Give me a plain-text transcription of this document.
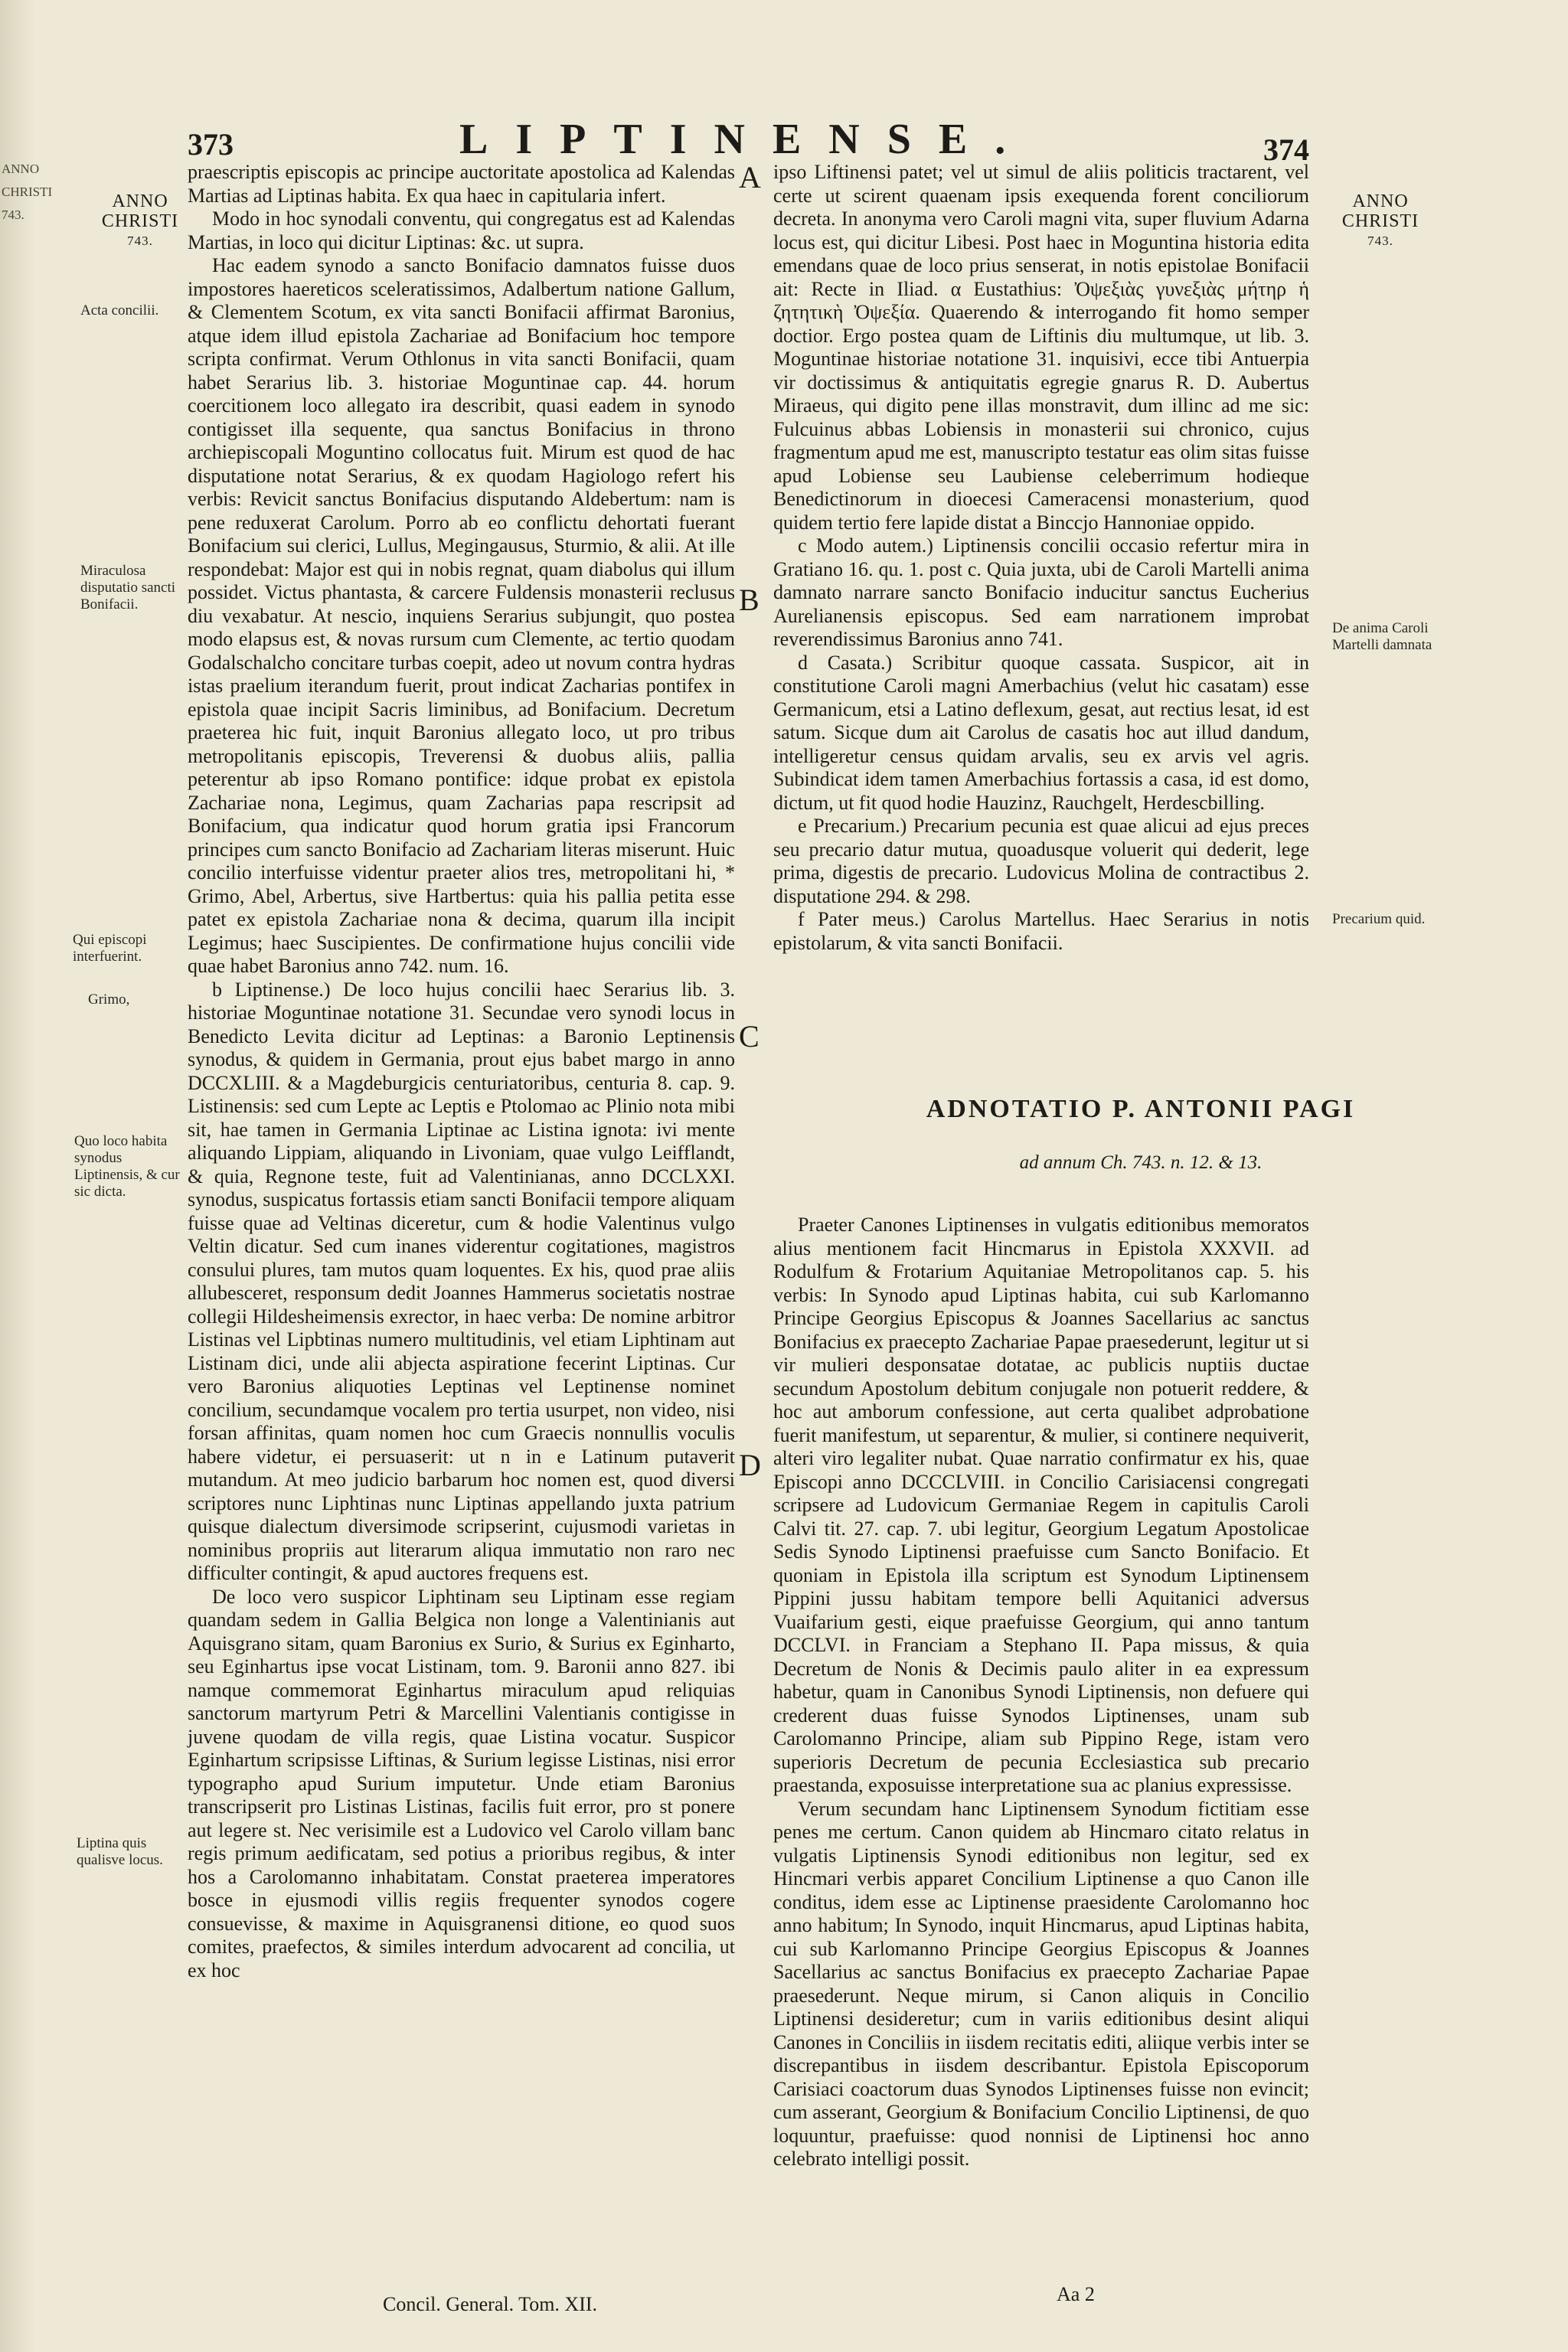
ANNO
CHRISTI
743.
373	LIPTINENSE.	374
ANNO
CHRISTI
743.
ANNO
CHRISTI
743.
Acta concilii.
Miraculosa disputatio sancti Bonifacii.
Qui episcopi interfuerint.
Grimo,
Quo loco habita synodus Liptinensis, & cur sic dicta.
Liptina quis qualisve locus.
De anima Caroli Martelli damnata
Precarium quid.
A
B
C
D

praescriptis episcopis ac principe auctoritate apostolica ad Kalendas Martias ad Liptinas habita. Ex qua haec in capitularia infert.

Modo in hoc synodali conventu, qui congregatus est ad Kalendas Martias, in loco qui dicitur Liptinas: &c. ut supra.

Hac eadem synodo a sancto Bonifacio damnatos fuisse duos impostores haereticos sceleratissimos, Adalbertum natione Gallum, & Clementem Scotum, ex vita sancti Bonifacii affirmat Baronius, atque idem illud epistola Zachariae ad Bonifacium hoc tempore scripta confirmat. Verum Othlonus in vita sancti Bonifacii, quam habet Serarius lib. 3. historiae Moguntinae cap. 44. horum coercitionem loco allegato ira describit, quasi eadem in synodo contigisset illa sequente, qua sanctus Bonifacius in throno archiepiscopali Moguntino collocatus fuit. Mirum est quod de hac disputatione notat Serarius, & ex quodam Hagiologo refert his verbis: Revicit sanctus Bonifacius disputando Aldebertum: nam is pene reduxerat Carolum. Porro ab eo conflictu dehortati fuerant Bonifacium sui clerici, Lullus, Megingausus, Sturmio, & alii. At ille respondebat: Major est qui in nobis regnat, quam diabolus qui illum possidet. Victus phantasta, & carcere Fuldensis monasterii reclusus diu vexabatur. At nescio, inquiens Serarius subjungit, quo postea modo elapsus est, & novas rursum cum Clemente, ac tertio quodam Godalschalcho concitare turbas coepit, adeo ut novum contra hydras istas praelium iterandum fuerit, prout indicat Zacharias pontifex in epistola quae incipit Sacris liminibus, ad Bonifacium. Decretum praeterea hic fuit, inquit Baronius allegato loco, ut pro tribus metropolitanis episcopis, Treverensi & duobus aliis, pallia peterentur ab ipso Romano pontifice: idque probat ex epistola Zachariae nona, Legimus, quam Zacharias papa rescripsit ad Bonifacium, qua indicatur quod horum gratia ipsi Francorum principes cum sancto Bonifacio ad Zachariam literas miserunt. Huic concilio interfuisse videntur praeter alios tres, metropolitani hi, * Grimo, Abel, Arbertus, sive Hartbertus: quia his pallia petita esse patet ex epistola Zachariae nona & decima, quarum illa incipit Legimus; haec Suscipientes. De confirmatione hujus concilii vide quae habet Baronius anno 742. num. 16.

b Liptinense.) De loco hujus concilii haec Serarius lib. 3. historiae Moguntinae notatione 31. Secundae vero synodi locus in Benedicto Levita dicitur ad Leptinas: a Baronio Leptinensis synodus, & quidem in Germania, prout ejus babet margo in anno DCCXLIII. & a Magdeburgicis centuriatoribus, centuria 8. cap. 9. Listinensis: sed cum Lepte ac Leptis e Ptolomao ac Plinio nota mibi sit, hae tamen in Germania Liptinae ac Listina ignota: ivi mente aliquando Lippiam, aliquando in Livoniam, quae vulgo Leifflandt, & quia, Regnone teste, fuit ad Valentinianas, anno DCCLXXI. synodus, suspicatus fortassis etiam sancti Bonifacii tempore aliquam fuisse quae ad Veltinas diceretur, cum & hodie Valentinus vulgo Veltin dicatur. Sed cum inanes viderentur cogitationes, magistros consului plures, tam mutos quam loquentes. Ex his, quod prae aliis allubesceret, responsum dedit Joannes Hammerus societatis nostrae collegii Hildesheimensis exrector, in haec verba: De nomine arbitror Listinas vel Lipbtinas numero multitudinis, vel etiam Liphtinam aut Listinam dici, unde alii abjecta aspiratione fecerint Liptinas. Cur vero Baronius aliquoties Leptinas vel Leptinense nominet concilium, secundamque vocalem pro tertia usurpet, non video, nisi forsan affinitas, quam nomen hoc cum Graecis nonnullis voculis habere videtur, ei persuaserit: ut n in e Latinum putaverit mutandum. At meo judicio barbarum hoc nomen est, quod diversi scriptores nunc Liphtinas nunc Liptinas appellando juxta patrium quisque dialectum diversimode scripserint, cujusmodi varietas in nominibus propriis aut literarum aliqua immutatio non raro nec difficulter contingit, & apud auctores frequens est.

De loco vero suspicor Liphtinam seu Liptinam esse regiam quandam sedem in Gallia Belgica non longe a Valentinianis aut Aquisgrano sitam, quam Baronius ex Surio, & Surius ex Eginharto, seu Eginhartus ipse vocat Listinam, tom. 9. Baronii anno 827. ibi namque commemorat Eginhartus miraculum apud reliquias sanctorum martyrum Petri & Marcellini Valentianis contigisse in juvene quodam de villa regis, quae Listina vocatur. Suspicor Eginhartum scripsisse Liftinas, & Surium legisse Listinas, nisi error typographo apud Surium imputetur. Unde etiam Baronius transcripserit pro Listinas Listinas, facilis fuit error, pro st ponere aut legere st. Nec verisimile est a Ludovico vel Carolo villam banc regis primum aedificatam, sed potius a prioribus regibus, & inter hos a Carolomanno inhabitatam. Constat praeterea imperatores bosce in ejusmodi villis regiis frequenter synodos cogere consuevisse, & maxime in Aquisgranensi ditione, eo quod suos comites, praefectos, & similes interdum advocarent ad concilia, ut ex hoc

ipso Liftinensi patet; vel ut simul de aliis politicis tractarent, vel certe ut scirent quaenam ipsis exequenda forent conciliorum decreta. In anonyma vero Caroli magni vita, super fluvium Adarna locus est, qui dicitur Libesi. Post haec in Moguntina historia edita emendans quae de loco prius senserat, in notis epistolae Bonifacii ait: Recte in Iliad. α Eustathius: Ὀψεξιὰς γυνεξιὰς μήτηρ ἡ ζητητικὴ Ὀψεξία. Quaerendo & interrogando fit homo semper doctior. Ergo postea quam de Liftinis diu multumque, ut lib. 3. Moguntinae historiae notatione 31. inquisivi, ecce tibi Antuerpia vir doctissimus & antiquitatis egregie gnarus R. D. Aubertus Miraeus, qui digito pene illas monstravit, dum illinc ad me sic: Fulcuinus abbas Lobiensis in monasterii sui chronico, cujus fragmentum apud me est, manuscripto testatur eas olim sitas fuisse apud Lobiense seu Laubiense celeberrimum hodieque Benedictinorum in dioecesi Cameracensi monasterium, quod quidem tertio fere lapide distat a Binccjo Hannoniae oppido.

c Modo autem.) Liptinensis concilii occasio refertur mira in Gratiano 16. qu. 1. post c. Quia juxta, ubi de Caroli Martelli anima damnato narrare sancto Bonifacio inducitur sanctus Eucherius Aurelianensis episcopus. Sed eam narrationem improbat reverendissimus Baronius anno 741.

d Casata.) Scribitur quoque cassata. Suspicor, ait in constitutione Caroli magni Amerbachius (velut hic casatam) esse Germanicum, etsi a Latino deflexum, gesat, aut rectius lesat, id est satum. Sicque dum ait Carolus de casatis hoc aut illud dandum, intelligeretur census quidam arvalis, seu ex arvis vel agris. Subindicat idem tamen Amerbachius fortassis a casa, id est domo, dictum, ut fit quod hodie Hauzinz, Rauchgelt, Herdescbilling.

e Precarium.) Precarium pecunia est quae alicui ad ejus preces seu precario datur mutua, quoadusque voluerit qui dederit, lege prima, digestis de precario. Ludovicus Molina de contractibus 2. disputatione 294. & 298.

f Pater meus.) Carolus Martellus. Haec Serarius in notis epistolarum, & vita sancti Bonifacii.

ADNOTATIO P. ANTONII PAGI
ad annum Ch. 743. n. 12. & 13.

Praeter Canones Liptinenses in vulgatis editionibus memoratos alius mentionem facit Hincmarus in Epistola XXXVII. ad Rodulfum & Frotarium Aquitaniae Metropolitanos cap. 5. his verbis: In Synodo apud Liptinas habita, cui sub Karlomanno Principe Georgius Episcopus & Joannes Sacellarius ac sanctus Bonifacius ex praecepto Zachariae Papae praesederunt, legitur ut si vir mulieri desponsatae dotatae, ac publicis nuptiis ductae secundum Apostolum debitum conjugale non potuerit reddere, & hoc aut amborum confessione, aut certa qualibet adprobatione fuerit manifestum, ut separentur, & mulier, si continere nequiverit, alteri viro legaliter nubat. Quae narratio confirmatur ex his, quae Episcopi anno DCCCLVIII. in Concilio Carisiacensi congregati scripsere ad Ludovicum Germaniae Regem in capitulis Caroli Calvi tit. 27. cap. 7. ubi legitur, Georgium Legatum Apostolicae Sedis Synodo Liptinensi praefuisse cum Sancto Bonifacio. Et quoniam in Epistola illa scriptum est Synodum Liptinensem Pippini jussu habitam tempore belli Aquitanici adversus Vuaifarium gesti, eique praefuisse Georgium, qui anno tantum DCCLVI. in Franciam a Stephano II. Papa missus, & quia Decretum de Nonis & Decimis paulo aliter in ea expressum habetur, quam in Canonibus Synodi Liptinensis, non defuere qui crederent duas fuisse Synodos Liptinenses, unam sub Carolomanno Principe, aliam sub Pippino Rege, istam vero superioris Decretum de pecunia Ecclesiastica sub precario praestanda, exposuisse interpretatione sua ac planius expressisse.

Verum secundam hanc Liptinensem Synodum fictitiam esse penes me certum. Canon quidem ab Hincmaro citato relatus in vulgatis Liptinensis Synodi editionibus non legitur, sed ex Hincmari verbis apparet Concilium Liptinense a quo Canon ille conditus, idem esse ac Liptinense praesidente Carolomanno hoc anno habitum; In Synodo, inquit Hincmarus, apud Liptinas habita, cui sub Karlomanno Principe Georgius Episcopus & Joannes Sacellarius ac sanctus Bonifacius ex praecepto Zachariae Papae praesederunt. Neque mirum, si Canon aliquis in Concilio Liptinensi desideretur; cum in variis editionibus desint aliqui Canones in Conciliis in iisdem recitatis editi, aliique verbis inter se discrepantibus in iisdem describantur. Epistola Episcoporum Carisiaci coactorum duas Synodos Liptinenses fuisse non evincit; cum asserant, Georgium & Bonifacium Concilio Liptinensi, de quo loquuntur, praefuisse: quod nonnisi de Liptinensi hoc anno celebrato intelligi possit.

Concil. General. Tom. XII.	Aa 2
